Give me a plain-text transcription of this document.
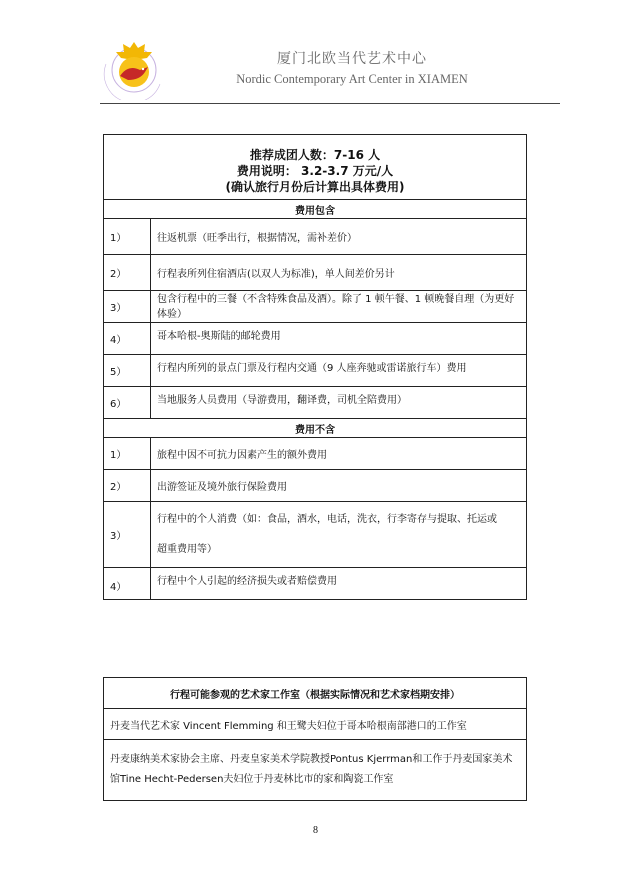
厦门北欧当代艺术中心
Nordic Contemporary Art Center in XIAMEN
推荐成团人数：7-16 人
费用说明： 3.2-3.7 万元/人
(确认旅行月份后计算出具体费用)	

费用包含	
1）	往返机票（旺季出行，根据情况，需补差价）
2）	行程表所列住宿酒店(以双人为标准)，单人间差价另计
3）	包含行程中的三餐（不含特殊食品及酒）。除了 1 顿午餐、1 顿晚餐自理（为更好体验）
4）	哥本哈根-奥斯陆的邮轮费用
5）	行程内所列的景点门票及行程内交通（9 人座奔驰或雷诺旅行车）费用
6）	当地服务人员费用（导游费用，翻译费，司机全陪费用）
费用不含	
1）	旅程中因不可抗力因素产生的额外费用
2）	出游签证及境外旅行保险费用
3）	行程中的个人消费（如：食品，酒水，电话，洗衣，行李寄存与提取、托运或
超重费用等）

4）	行程中个人引起的经济损失或者赔偿费用
行程可能参观的艺术家工作室（根据实际情况和艺术家档期安排）
丹麦当代艺术家 Vincent Flemming 和王鹭夫妇位于哥本哈根南部港口的工作室
丹麦康纳美术家协会主席、丹麦皇家美术学院教授Pontus Kjerrman和工作于丹麦国家美术馆Tine Hecht-Pedersen夫妇位于丹麦林比市的家和陶瓷工作室
8
